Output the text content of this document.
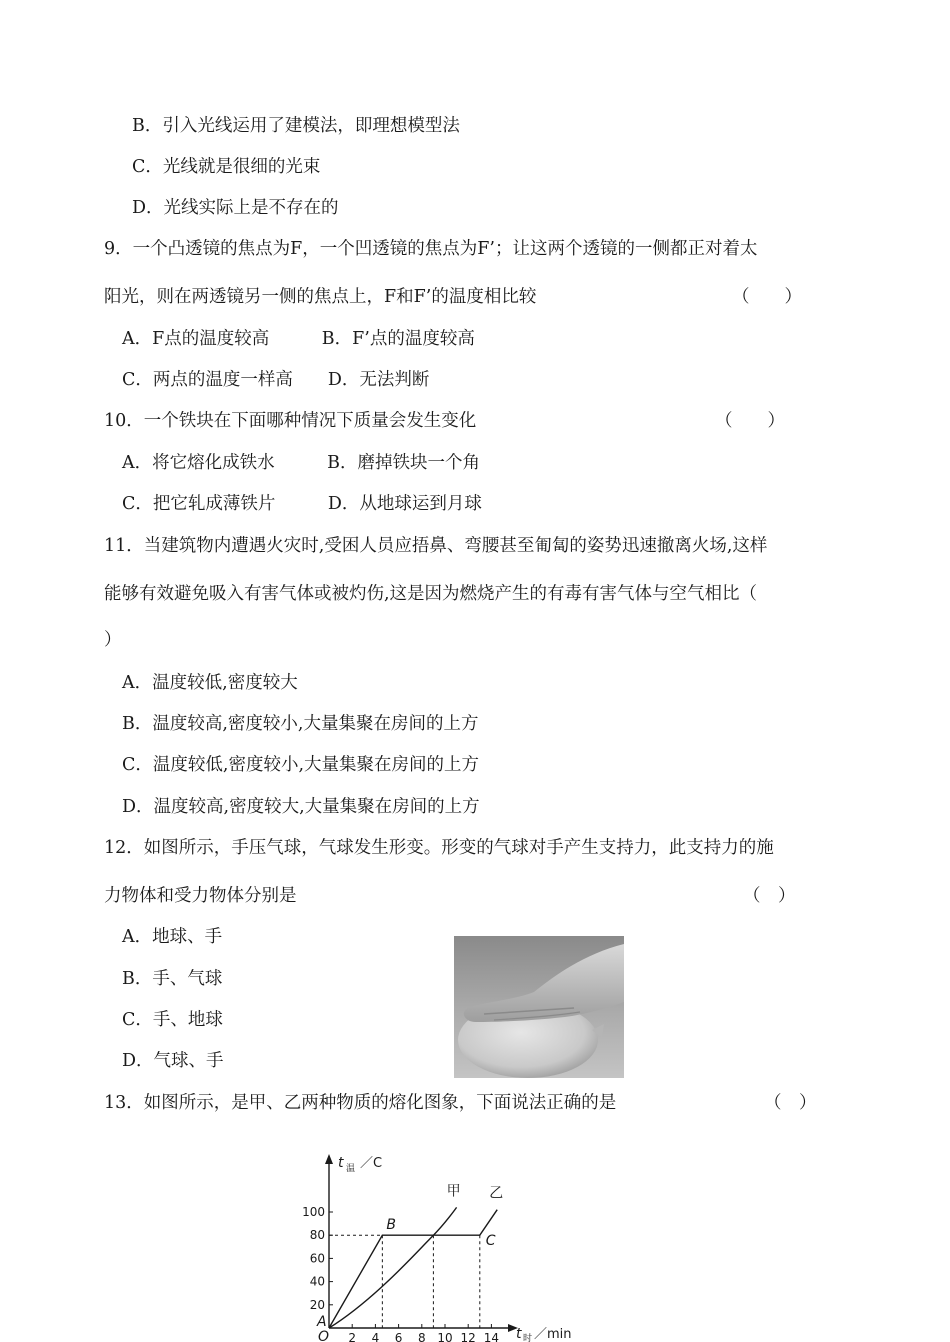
B．引入光线运用了建模法，即理想模型法
C．光线就是很细的光束
D．光线实际上是不存在的
9．一个凸透镜的焦点为F，一个凹透镜的焦点为F’；让这两个透镜的一侧都正对着太
阳光，则在两透镜另一侧的焦点上，F和F’的温度相比较	（　　）
A．F点的温度较高　　　B．F’点的温度较高
C．两点的温度一样高　　D．无法判断
10．一个铁块在下面哪种情况下质量会发生变化	（　　）
A．将它熔化成铁水　　　B．磨掉铁块一个角
C．把它轧成薄铁片　　　D．从地球运到月球
11．当建筑物内遭遇火灾时,受困人员应捂鼻、弯腰甚至匍匐的姿势迅速撤离火场,这样
能够有效避免吸入有害气体或被灼伤,这是因为燃烧产生的有毒有害气体与空气相比（
）
A．温度较低,密度较大
B．温度较高,密度较小,大量集聚在房间的上方
C．温度较低,密度较小,大量集聚在房间的上方
D．温度较高,密度较大,大量集聚在房间的上方
12．如图所示，手压气球，气球发生形变。形变的气球对手产生支持力，此支持力的施
力物体和受力物体分别是	（　）
A．地球、手
B．手、气球
C．手、地球
D．气球、手
13．如图所示，是甲、乙两种物质的熔化图象，下面说法正确的是	（　）
t 温 ／C
t 时 ／min
O 2 4 6 8 10 12 14
20
40
60
80
100
甲 乙
A
B
C
